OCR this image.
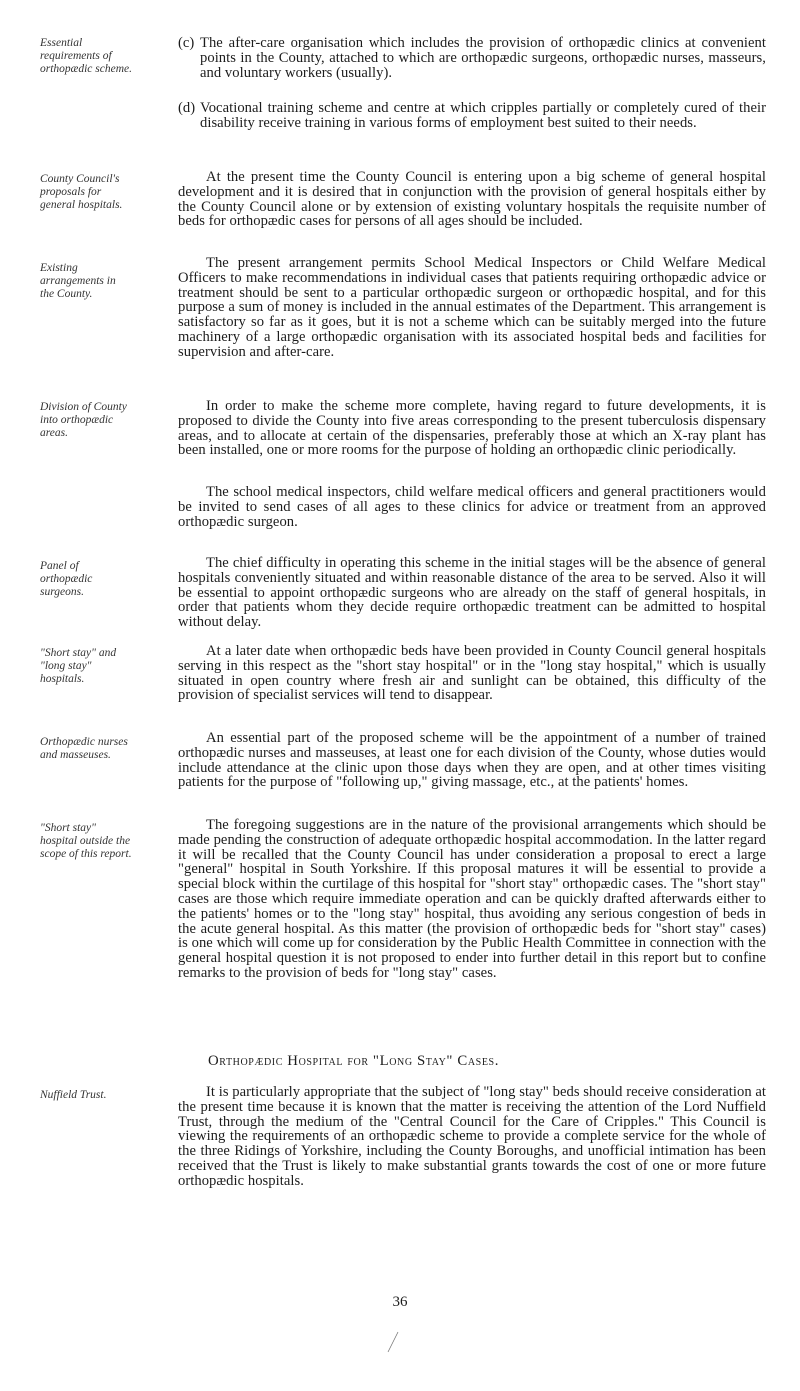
Essential requirements of orthopædic scheme.
County Council's proposals for general hospitals.
Existing arrangements in the County.
Division of County into orthopædic areas.
Panel of orthopædic surgeons.
"Short stay" and "long stay" hospitals.
Orthopædic nurses and masseuses.
"Short stay" hospital outside the scope of this report.
Nuffield Trust.
(c) The after-care organisation which includes the provision of orthopædic clinics at convenient points in the County, attached to which are orthopædic surgeons, orthopædic nurses, masseurs, and voluntary workers (usually).
(d) Vocational training scheme and centre at which cripples partially or completely cured of their disability receive training in various forms of employment best suited to their needs.
At the present time the County Council is entering upon a big scheme of general hospital development and it is desired that in conjunction with the provision of general hospitals either by the County Council alone or by extension of existing voluntary hospitals the requisite number of beds for orthopædic cases for persons of all ages should be included.
The present arrangement permits School Medical Inspectors or Child Welfare Medical Officers to make recommendations in individual cases that patients requiring orthopædic advice or treatment should be sent to a particular orthopædic surgeon or orthopædic hospital, and for this purpose a sum of money is included in the annual estimates of the Department. This arrangement is satisfactory so far as it goes, but it is not a scheme which can be suitably merged into the future machinery of a large orthopædic organisation with its associated hospital beds and facilities for supervision and after-care.
In order to make the scheme more complete, having regard to future developments, it is proposed to divide the County into five areas corresponding to the present tuberculosis dispensary areas, and to allocate at certain of the dispensaries, preferably those at which an X-ray plant has been installed, one or more rooms for the purpose of holding an orthopædic clinic periodically.
The school medical inspectors, child welfare medical officers and general practitioners would be invited to send cases of all ages to these clinics for advice or treatment from an approved orthopædic surgeon.
The chief difficulty in operating this scheme in the initial stages will be the absence of general hospitals conveniently situated and within reasonable distance of the area to be served. Also it will be essential to appoint orthopædic surgeons who are already on the staff of general hospitals, in order that patients whom they decide require orthopædic treatment can be admitted to hospital without delay.
At a later date when orthopædic beds have been provided in County Council general hospitals serving in this respect as the "short stay hospital" or in the "long stay hospital," which is usually situated in open country where fresh air and sunlight can be obtained, this difficulty of the provision of specialist services will tend to disappear.
An essential part of the proposed scheme will be the appointment of a number of trained orthopædic nurses and masseuses, at least one for each division of the County, whose duties would include attendance at the clinic upon those days when they are open, and at other times visiting patients for the purpose of "following up," giving massage, etc., at the patients' homes.
The foregoing suggestions are in the nature of the provisional arrangements which should be made pending the construction of adequate orthopædic hospital accommodation. In the latter regard it will be recalled that the County Council has under consideration a proposal to erect a large "general" hospital in South Yorkshire. If this proposal matures it will be essential to provide a special block within the curtilage of this hospital for "short stay" orthopædic cases. The "short stay" cases are those which require immediate operation and can be quickly drafted afterwards either to the patients' homes or to the "long stay" hospital, thus avoiding any serious congestion of beds in the acute general hospital. As this matter (the provision of orthopædic beds for "short stay" cases) is one which will come up for consideration by the Public Health Committee in connection with the general hospital question it is not proposed to ender into further detail in this report but to confine remarks to the provision of beds for "long stay" cases.
Orthopædic Hospital for "Long Stay" Cases.
It is particularly appropriate that the subject of "long stay" beds should receive consideration at the present time because it is known that the matter is receiving the attention of the Lord Nuffield Trust, through the medium of the "Central Council for the Care of Cripples." This Council is viewing the requirements of an orthopædic scheme to provide a complete service for the whole of the three Ridings of Yorkshire, including the County Boroughs, and unofficial intimation has been received that the Trust is likely to make substantial grants towards the cost of one or more future orthopædic hospitals.
36
